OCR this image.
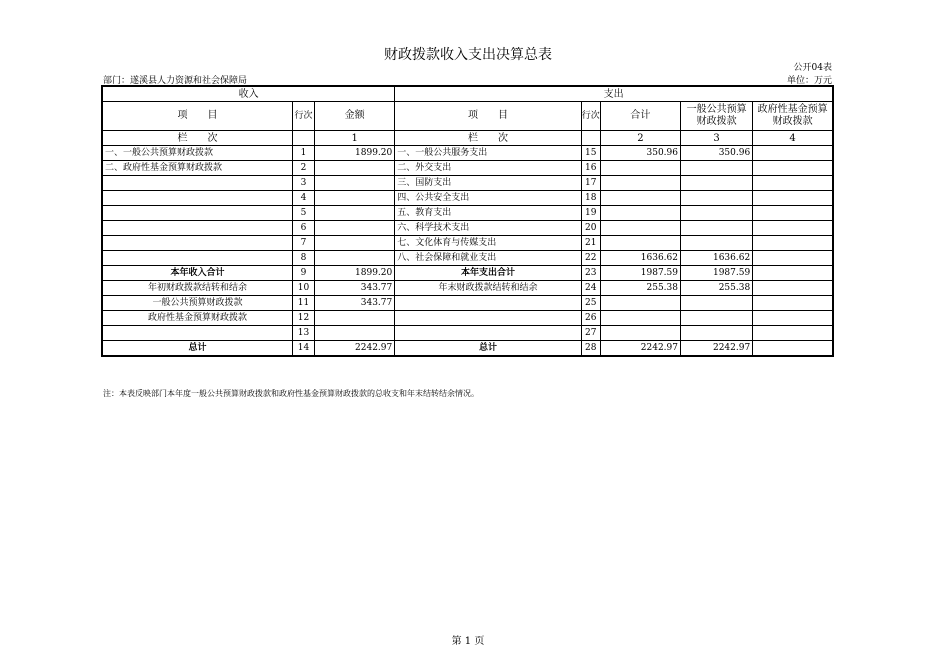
财政拨款收入支出决算总表
公开04表
部门：遂溪县人力资源和社会保障局	单位：万元
收入			支出				
项　　目	行次	金额	项　　目	行次	合计	一般公共预算财政拨款	政府性基金预算财政拨款
栏　　次		1	栏　　次		2	3	4
一、一般公共预算财政拨款	1	1899.20	一、一般公共服务支出	15	350.96	350.96	
二、政府性基金预算财政拨款	2		二、外交支出	16			
	3		三、国防支出	17			
	4		四、公共安全支出	18			
	5		五、教育支出	19			
	6		六、科学技术支出	20			
	7		七、文化体育与传媒支出	21			
	8		八、社会保障和就业支出	22	1636.62	1636.62	
本年收入合计	9	1899.20	本年支出合计	23	1987.59	1987.59	
年初财政拨款结转和结余	10	343.77	年末财政拨款结转和结余	24	255.38	255.38	
一般公共预算财政拨款	11	343.77		25			
政府性基金预算财政拨款	12			26			
	13			27			
总计	14	2242.97	总计	28	2242.97	2242.97	
注：本表反映部门本年度一般公共预算财政拨款和政府性基金预算财政拨款的总收支和年末结转结余情况。
第 1 页
